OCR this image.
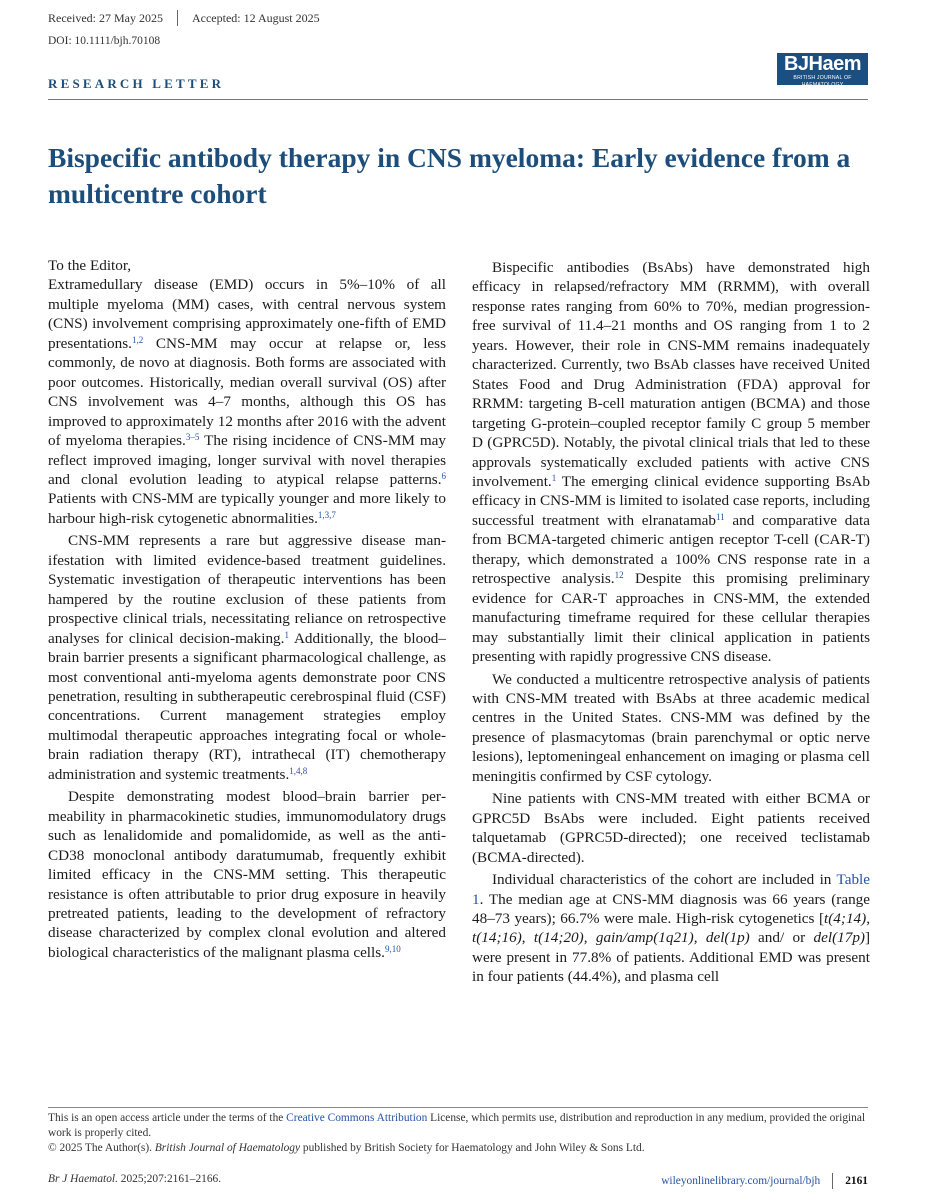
Received: 27 May 2025 Accepted: 12 August 2025
DOI: 10.1111/bjh.70108
RESEARCH LETTER
BJHaem
BRITISH JOURNAL OF HAEMATOLOGY
Bispecific antibody therapy in CNS myeloma: Early evidence from a multicentre cohort

To the Editor,

Extramedullary disease (EMD) occurs in 5%–10% of all multiple myeloma (MM) cases, with central nervous system (CNS) involvement comprising approximately one-fifth of EMD presentations.$^{1,2}$ CNS-MM may occur at relapse or, less commonly, de novo at diagnosis. Both forms are associated with poor outcomes. Historically, median overall survival (OS) after CNS involvement was 4–7 months, although this OS has improved to approximately 12 months after 2016 with the advent of myeloma therapies.$^{3-5}$ The rising incidence of CNS-MM may reflect improved imaging, longer survival with novel therapies and clonal evolution leading to atypical relapse patterns.$^6$ Patients with CNS-MM are typically younger and more likely to harbour high-risk cytogenetic abnormalities.$^{1,3,7}$

CNS-MM represents a rare but aggressive disease manifestation with limited evidence-based treatment guidelines. Systematic investigation of therapeutic interventions has been hampered by the routine exclusion of these patients from prospective clinical trials, necessitating reliance on retrospective analyses for clinical decision-making.$^1$ Additionally, the blood–brain barrier presents a significant pharmacological challenge, as most conventional anti-myeloma agents demonstrate poor CNS penetration, resulting in subtherapeutic cerebrospinal fluid (CSF) concentrations. Current management strategies employ multimodal therapeutic approaches integrating focal or whole-brain radiation therapy (RT), intrathecal (IT) chemotherapy administration and systemic treatments.$^{1,4,8}$

Despite demonstrating modest blood–brain barrier permeability in pharmacokinetic studies, immunomodulatory drugs such as lenalidomide and pomalidomide, as well as the anti-CD38 monoclonal antibody daratumumab, frequently exhibit limited efficacy in the CNS-MM setting. This therapeutic resistance is often attributable to prior drug exposure in heavily pretreated patients, leading to the development of refractory disease characterized by complex clonal evolution and altered biological characteristics of the malignant plasma cells.$^{9,10}$

Bispecific antibodies (BsAbs) have demonstrated high efficacy in relapsed/refractory MM (RRMM), with overall response rates ranging from 60% to 70%, median progression-free survival of 11.4–21 months and OS ranging from 1 to 2 years. However, their role in CNS-MM remains inadequately characterized. Currently, two BsAb classes have received United States Food and Drug Administration (FDA) approval for RRMM: targeting B-cell maturation antigen (BCMA) and those targeting G-protein–coupled receptor family C group 5 member D (GPRC5D). Notably, the pivotal clinical trials that led to these approvals systematically excluded patients with active CNS involvement.$^1$ The emerging clinical evidence supporting BsAb efficacy in CNS-MM is limited to isolated case reports, including successful treatment with elranatamab$^{11}$ and comparative data from BCMA-targeted chimeric antigen receptor T-cell (CAR-T) therapy, which demonstrated a 100% CNS response rate in a retrospective analysis.$^{12}$ Despite this promising preliminary evidence for CAR-T approaches in CNS-MM, the extended manufacturing timeframe required for these cellular therapies may substantially limit their clinical application in patients presenting with rapidly progressive CNS disease.

We conducted a multicentre retrospective analysis of patients with CNS-MM treated with BsAbs at three academic medical centres in the United States. CNS-MM was defined by the presence of plasmacytomas (brain parenchymal or optic nerve lesions), leptomeningeal enhancement on imaging or plasma cell meningitis confirmed by CSF cytology.

Nine patients with CNS-MM treated with either BCMA or GPRC5D BsAbs were included. Eight patients received talquetamab (GPRC5D-directed); one received teclistamab (BCMA-directed).

Individual characteristics of the cohort are included in Table 1. The median age at CNS-MM diagnosis was 66 years (range 48–73 years); 66.7% were male. High-risk cytogenetics [t(4;14), t(14;16), t(14;20), gain/amp(1q21), del(1p) and/ or del(17p)] were present in 77.8% of patients. Additional EMD was present in four patients (44.4%), and plasma cell

This is an open access article under the terms of the Creative Commons Attribution License, which permits use, distribution and reproduction in any medium, provided the original work is properly cited.

© 2025 The Author(s). British Journal of Haematology published by British Society for Haematology and John Wiley & Sons Ltd.

Br J Haematol. 2025;207:2161–2166.	wileyonlinelibrary.com/journal/bjh 2161
